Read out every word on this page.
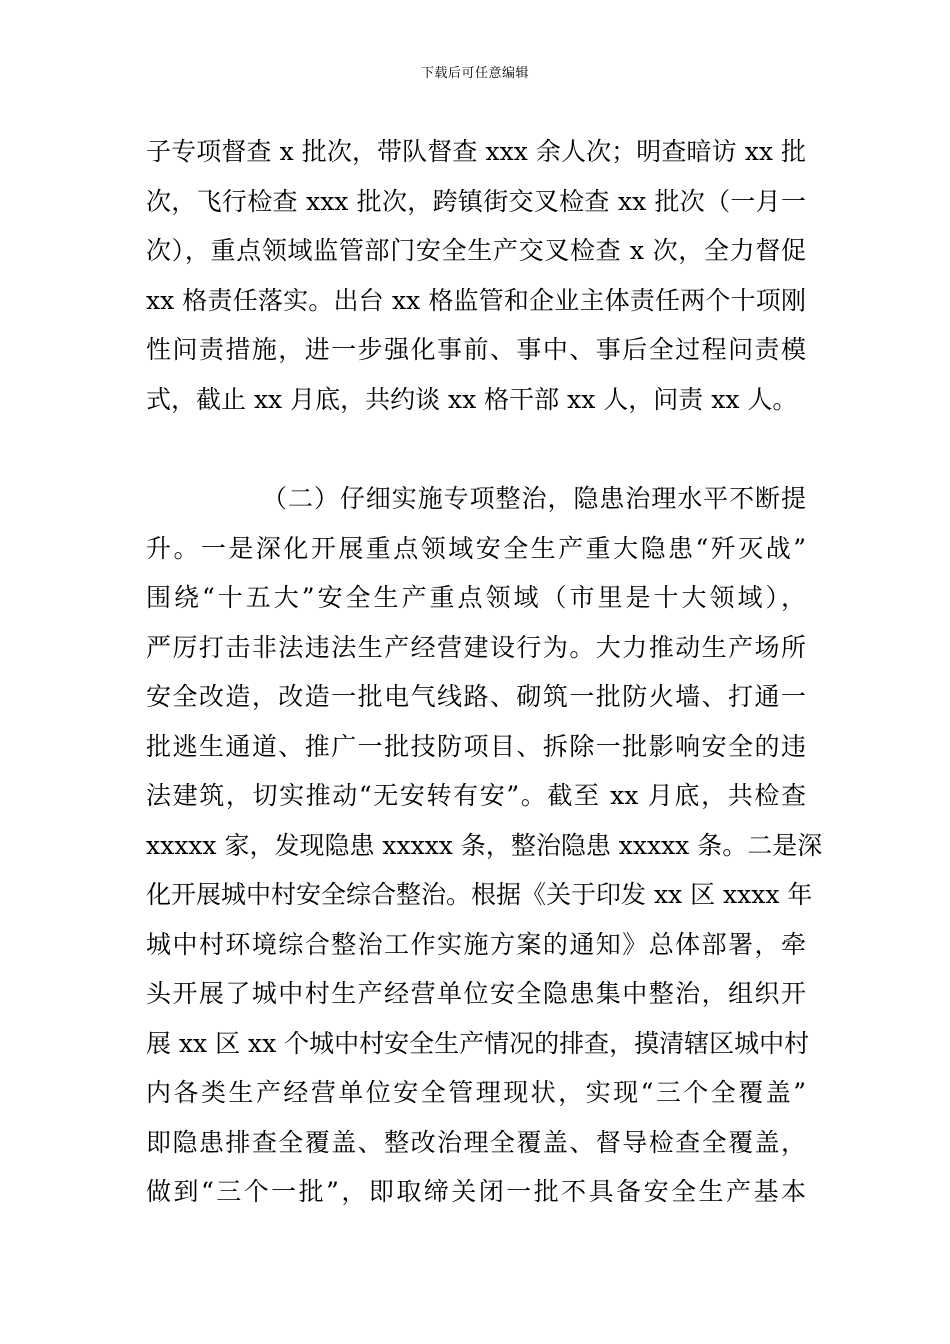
下载后可任意编辑
子专项督查 x 批次，带队督查 xxx 余人次；明查暗访 xx 批
次，飞行检查 xxx 批次，跨镇街交叉检查 xx 批次（一月一
次），重点领域监管部门安全生产交叉检查 x 次，全力督促
xx 格责任落实。出台 xx 格监管和企业主体责任两个十项刚
性问责措施，进一步强化事前、事中、事后全过程问责模
式，截止 xx 月底，共约谈 xx 格干部 xx 人，问责 xx 人。
（二）仔细实施专项整治，隐患治理水平不断提
升。一是深化开展重点领域安全生产重大隐患“歼灭战”
围绕“十五大”安全生产重点领域（市里是十大领域），
严厉打击非法违法生产经营建设行为。大力推动生产场所
安全改造，改造一批电气线路、砌筑一批防火墙、打通一
批逃生通道、推广一批技防项目、拆除一批影响安全的违
法建筑，切实推动“无安转有安”。截至 xx 月底，共检查
xxxxx 家，发现隐患 xxxxx 条，整治隐患 xxxxx 条。二是深
化开展城中村安全综合整治。根据《关于印发 xx 区 xxxx 年
城中村环境综合整治工作实施方案的通知》总体部署，牵
头开展了城中村生产经营单位安全隐患集中整治，组织开
展 xx 区 xx 个城中村安全生产情况的排查，摸清辖区城中村
内各类生产经营单位安全管理现状，实现“三个全覆盖”
即隐患排查全覆盖、整改治理全覆盖、督导检查全覆盖，
做到“三个一批”，即取缔关闭一批不具备安全生产基本
